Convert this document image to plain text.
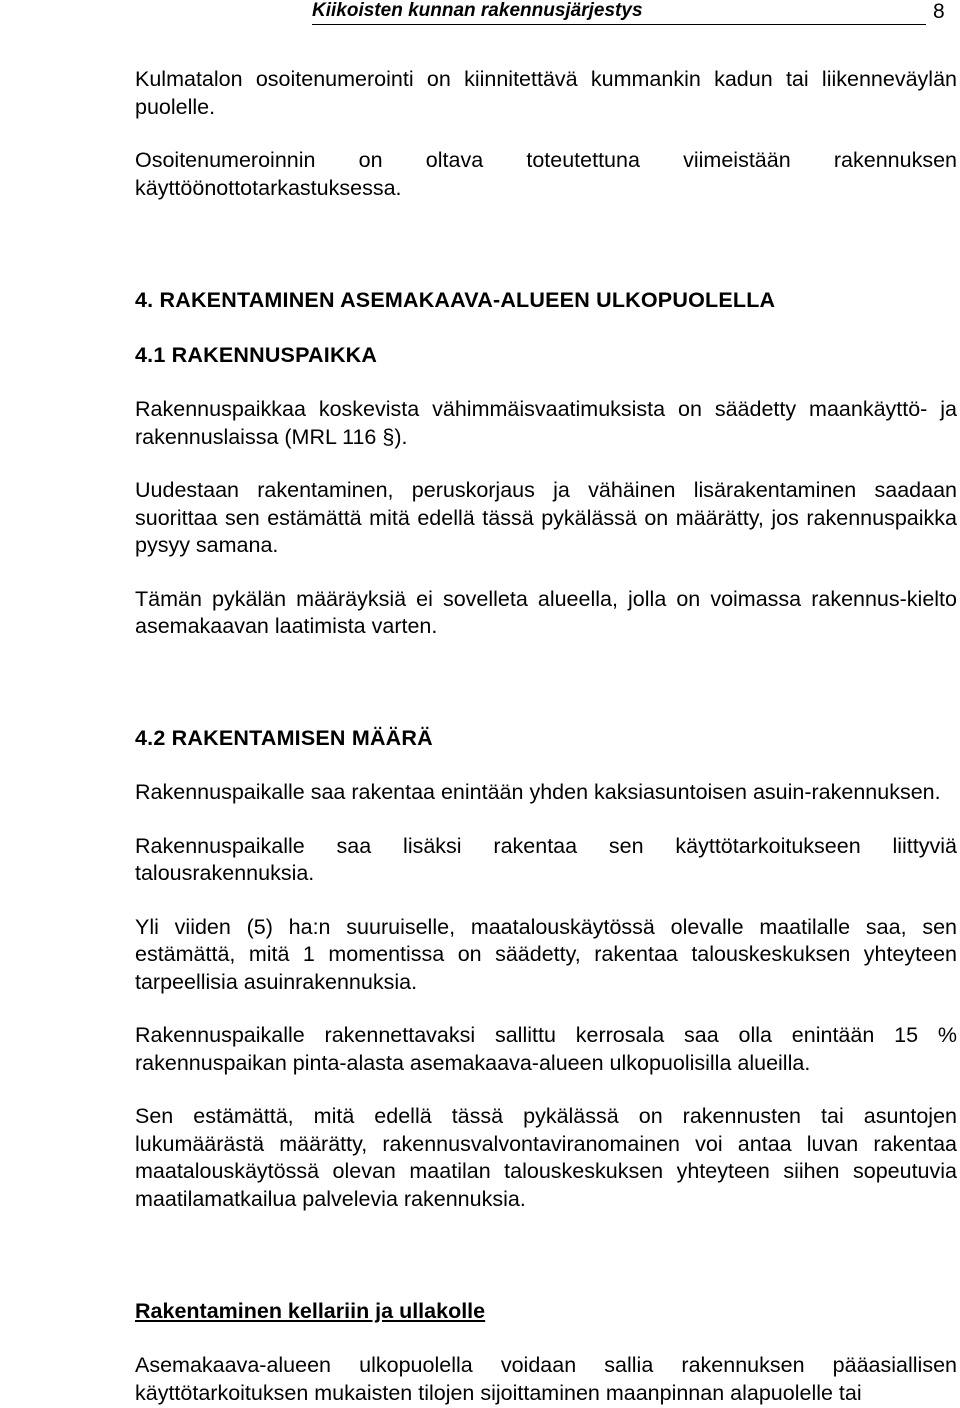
Kiikoisten kunnan rakennusjärjestys	8

Kulmatalon osoitenumerointi on kiinnitettävä kummankin kadun tai liikenneväylän puolelle.

Osoitenumeroinnin on oltava toteutettuna viimeistään rakennuksen käyttöönottotarkastuksessa.

4. RAKENTAMINEN ASEMAKAAVA-ALUEEN ULKOPUOLELLA
4.1 RAKENNUSPAIKKA

Rakennuspaikkaa koskevista vähimmäisvaatimuksista on säädetty maankäyttö- ja rakennuslaissa (MRL 116 §).

Uudestaan rakentaminen, peruskorjaus ja vähäinen lisärakentaminen saadaan suorittaa sen estämättä mitä edellä tässä pykälässä on määrätty, jos rakennuspaikka pysyy samana.

Tämän pykälän määräyksiä ei sovelleta alueella, jolla on voimassa rakennus-kielto asemakaavan laatimista varten.

4.2 RAKENTAMISEN MÄÄRÄ

Rakennuspaikalle saa rakentaa enintään yhden kaksiasuntoisen asuin-rakennuksen.

Rakennuspaikalle saa lisäksi rakentaa sen käyttötarkoitukseen liittyviä talousrakennuksia.

Yli viiden (5) ha:n suuruiselle, maatalouskäytössä olevalle maatilalle saa, sen estämättä, mitä 1 momentissa on säädetty, rakentaa talouskeskuksen yhteyteen tarpeellisia asuinrakennuksia.

Rakennuspaikalle rakennettavaksi sallittu kerrosala saa olla enintään 15 % rakennuspaikan pinta-alasta asemakaava-alueen ulkopuolisilla alueilla.

Sen estämättä, mitä edellä tässä pykälässä on rakennusten tai asuntojen lukumäärästä määrätty, rakennusvalvontaviranomainen voi antaa luvan rakentaa maatalouskäytössä olevan maatilan talouskeskuksen yhteyteen siihen sopeutuvia maatilamatkailua palvelevia rakennuksia.

Rakentaminen kellariin ja ullakolle

Asemakaava-alueen ulkopuolella voidaan sallia rakennuksen pääasiallisen käyttötarkoituksen mukaisten tilojen sijoittaminen maanpinnan alapuolelle tai
